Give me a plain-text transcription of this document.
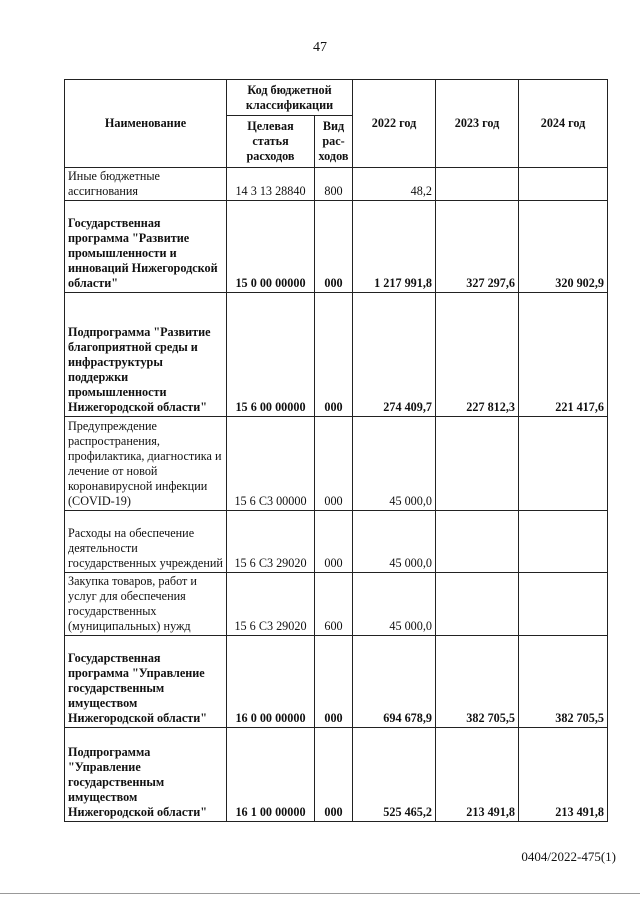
47
Наименование	Код бюджетной классификации		2022 год	2023 год	2024 год
	Целевая статья расходов	Вид рас-ходов			
Иные бюджетные ассигнования	14 3 13 28840	800	48,2		
Государственная программа "Развитие промышленности и инноваций Нижегородской области"	15 0 00 00000	000	1 217 991,8	327 297,6	320 902,9
Подпрограмма "Развитие благоприятной среды и инфраструктуры поддержки промышленности Нижегородской области"	15 6 00 00000	000	274 409,7	227 812,3	221 417,6
Предупреждение распространения, профилактика, диагностика и лечение от новой коронавирусной инфекции (COVID-19)	15 6 С3 00000	000	45 000,0		
Расходы на обеспечение деятельности государственных учреждений	15 6 С3 29020	000	45 000,0		
Закупка товаров, работ и услуг для обеспечения государственных (муниципальных) нужд	15 6 С3 29020	600	45 000,0		
Государственная программа "Управление государственным имуществом Нижегородской области"	16 0 00 00000	000	694 678,9	382 705,5	382 705,5
Подпрограмма "Управление государственным имуществом Нижегородской области"	16 1 00 00000	000	525 465,2	213 491,8	213 491,8
0404/2022-475(1)
